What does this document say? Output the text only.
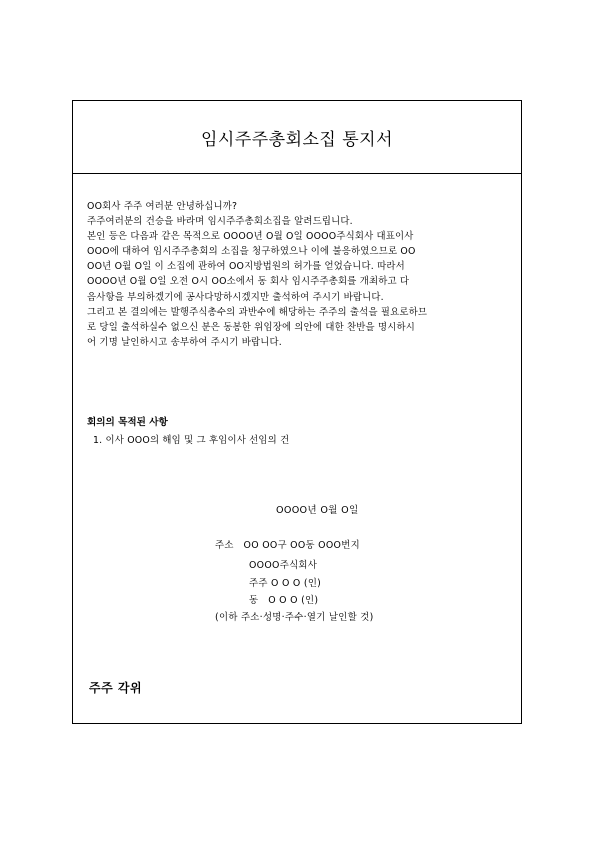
임시주주총회소집 통지서

OO회사 주주 여러분 안녕하십니까?

주주여러분의 건승을 바라며 임시주주총회소집을 알려드립니다.

본인 등은 다음과 같은 목적으로 OOOO년 O월 O일 OOOO주식회사 대표이사

OOO에 대하여 임시주주총회의 소집을 청구하였으나 이에 불응하였으므로 OO

OO년 O월 O일 이 소집에 관하여 OO지방법원의 허가를 얻었습니다. 따라서

OOOO년 O월 O일 오전 O시 OO소에서 동 회사 임시주주총회를 개최하고 다

음사항을 부의하겠기에 공사다망하시겠지만 출석하여 주시기 바랍니다.

그리고 본 결의에는 발행주식총수의 과반수에 해당하는 주주의 출석을 필요로하므

로 당일 출석하실수 없으신 분은 동봉한 위임장에 의안에 대한 찬반을 명시하시

어 기명 날인하시고 송부하여 주시기 바랍니다.

회의의 목적된 사항
1. 이사 OOO의 해임 및 그 후임이사 선임의 건
OOOO년 O월 O일
주소   OO OO구 OO동 OOO번지
OOOO주식회사
주주 O O O (인)
동   O O O (인)
(이하 주소·성명·주수·열기 날인할 것)
주주 각위
